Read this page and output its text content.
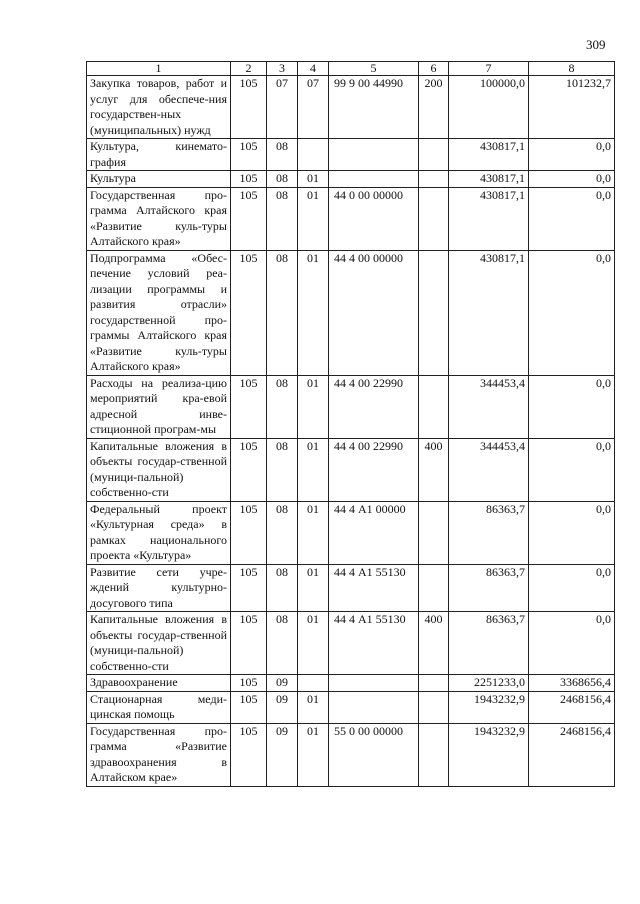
309
1	2	3	4	5	6	7	8
Закупка товаров, работ и услуг для обеспече-ния государствен-ных (муниципальных) нужд	105	07	07	99 9 00 44990	200	100000,0	101232,7
Культура, кинемато-графия	105	08				430817,1	0,0
Культура	105	08	01			430817,1	0,0
Государственная про-грамма Алтайского края «Развитие куль-туры Алтайского края»	105	08	01	44 0 00 00000		430817,1	0,0
Подпрограмма «Обес-печение условий реа-лизации программы и развития отрасли» государственной про-граммы Алтайского края «Развитие куль-туры Алтайского края»	105	08	01	44 4 00 00000		430817,1	0,0
Расходы на реализа-цию мероприятий кра-евой адресной инве-стиционной програм-мы	105	08	01	44 4 00 22990		344453,4	0,0
Капитальные вложения в объекты государ-ственной (муници-пальной) собственно-сти	105	08	01	44 4 00 22990	400	344453,4	0,0
Федеральный проект «Культурная среда» в рамках национального проекта «Культура»	105	08	01	44 4 А1 00000		86363,7	0,0
Развитие сети учре-ждений культурно-досугового типа	105	08	01	44 4 А1 55130		86363,7	0,0
Капитальные вложения в объекты государ-ственной (муници-пальной) собственно-сти	105	08	01	44 4 А1 55130	400	86363,7	0,0
Здравоохранение	105	09				2251233,0	3368656,4
Стационарная меди-цинская помощь	105	09	01			1943232,9	2468156,4
Государственная про-грамма «Развитие здравоохранения в Алтайском крае»	105	09	01	55 0 00 00000		1943232,9	2468156,4
